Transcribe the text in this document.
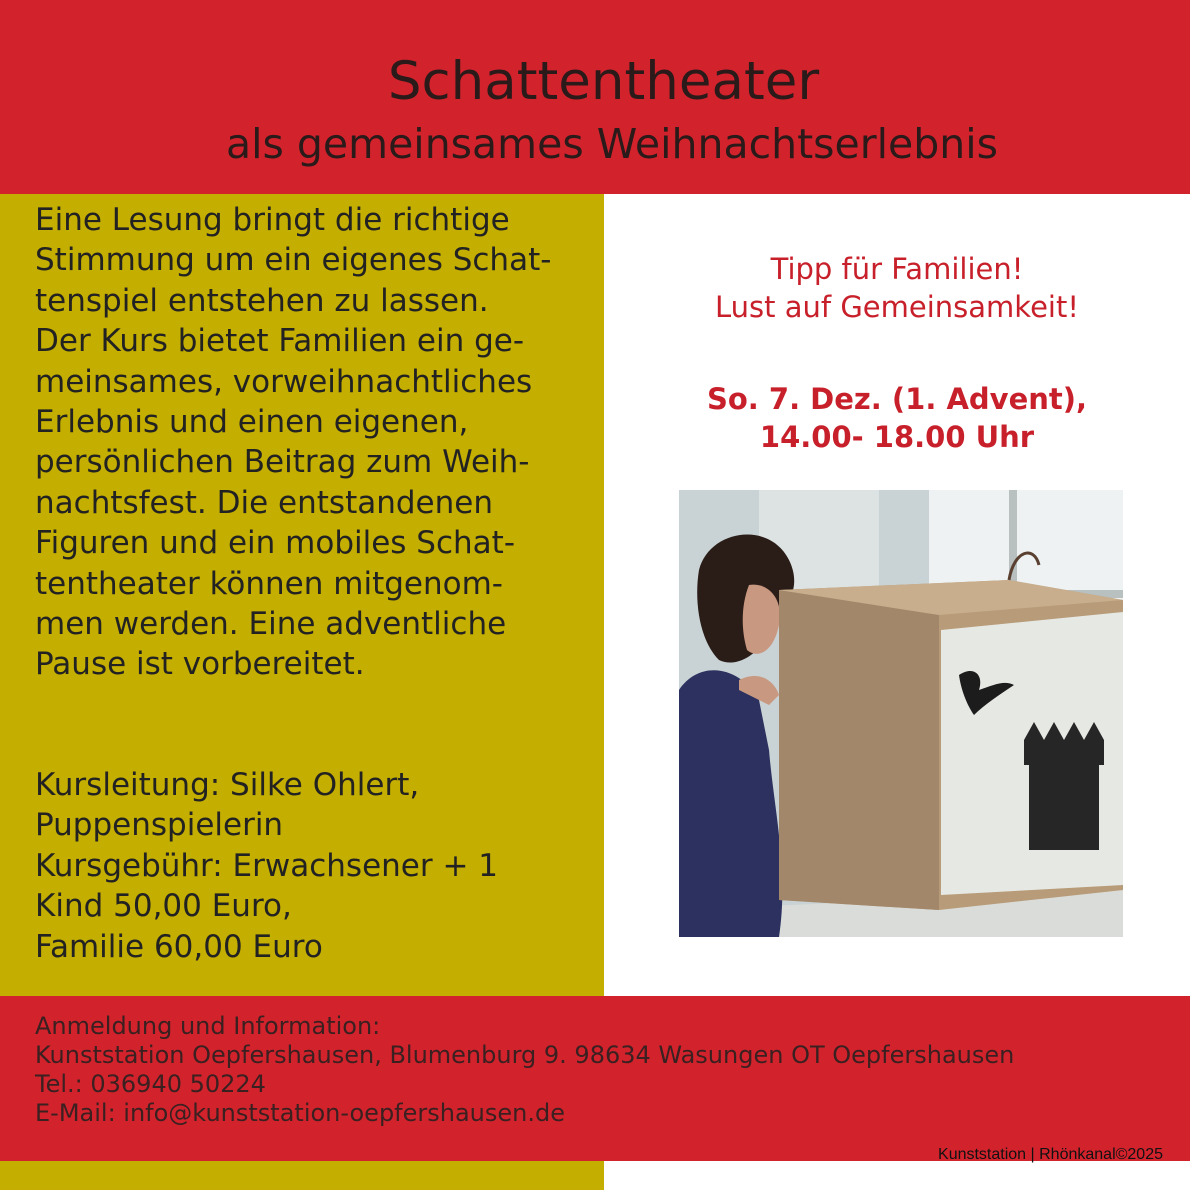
Schattentheater
als gemeinsames Weihnachtserlebnis

Eine Lesung bringt die richtige
Stimmung um ein eigenes Schat-
tenspiel entstehen zu lassen.
Der Kurs bietet Familien ein ge-
meinsames, vorweihnachtliches
Erlebnis und einen eigenen,
persönlichen Beitrag zum Weih-
nachtsfest. Die entstandenen
Figuren und ein mobiles Schat-
tentheater können mitgenom-
men werden. Eine adventliche
Pause ist vorbereitet.

Kursleitung: Silke Ohlert,
Puppenspielerin
Kursgebühr: Erwachsener + 1
Kind 50,00 Euro,
Familie 60,00 Euro

Tipp für Familien!
Lust auf Gemeinsamkeit!

So. 7. Dez. (1. Advent),
14.00- 18.00 Uhr

Anmeldung und Information:
Kunststation Oepfershausen, Blumenburg 9. 98634 Wasungen OT Oepfershausen
Tel.: 036940 50224
E-Mail: info@kunststation-oepfershausen.de

Kunststation | Rhönkanal©2025
